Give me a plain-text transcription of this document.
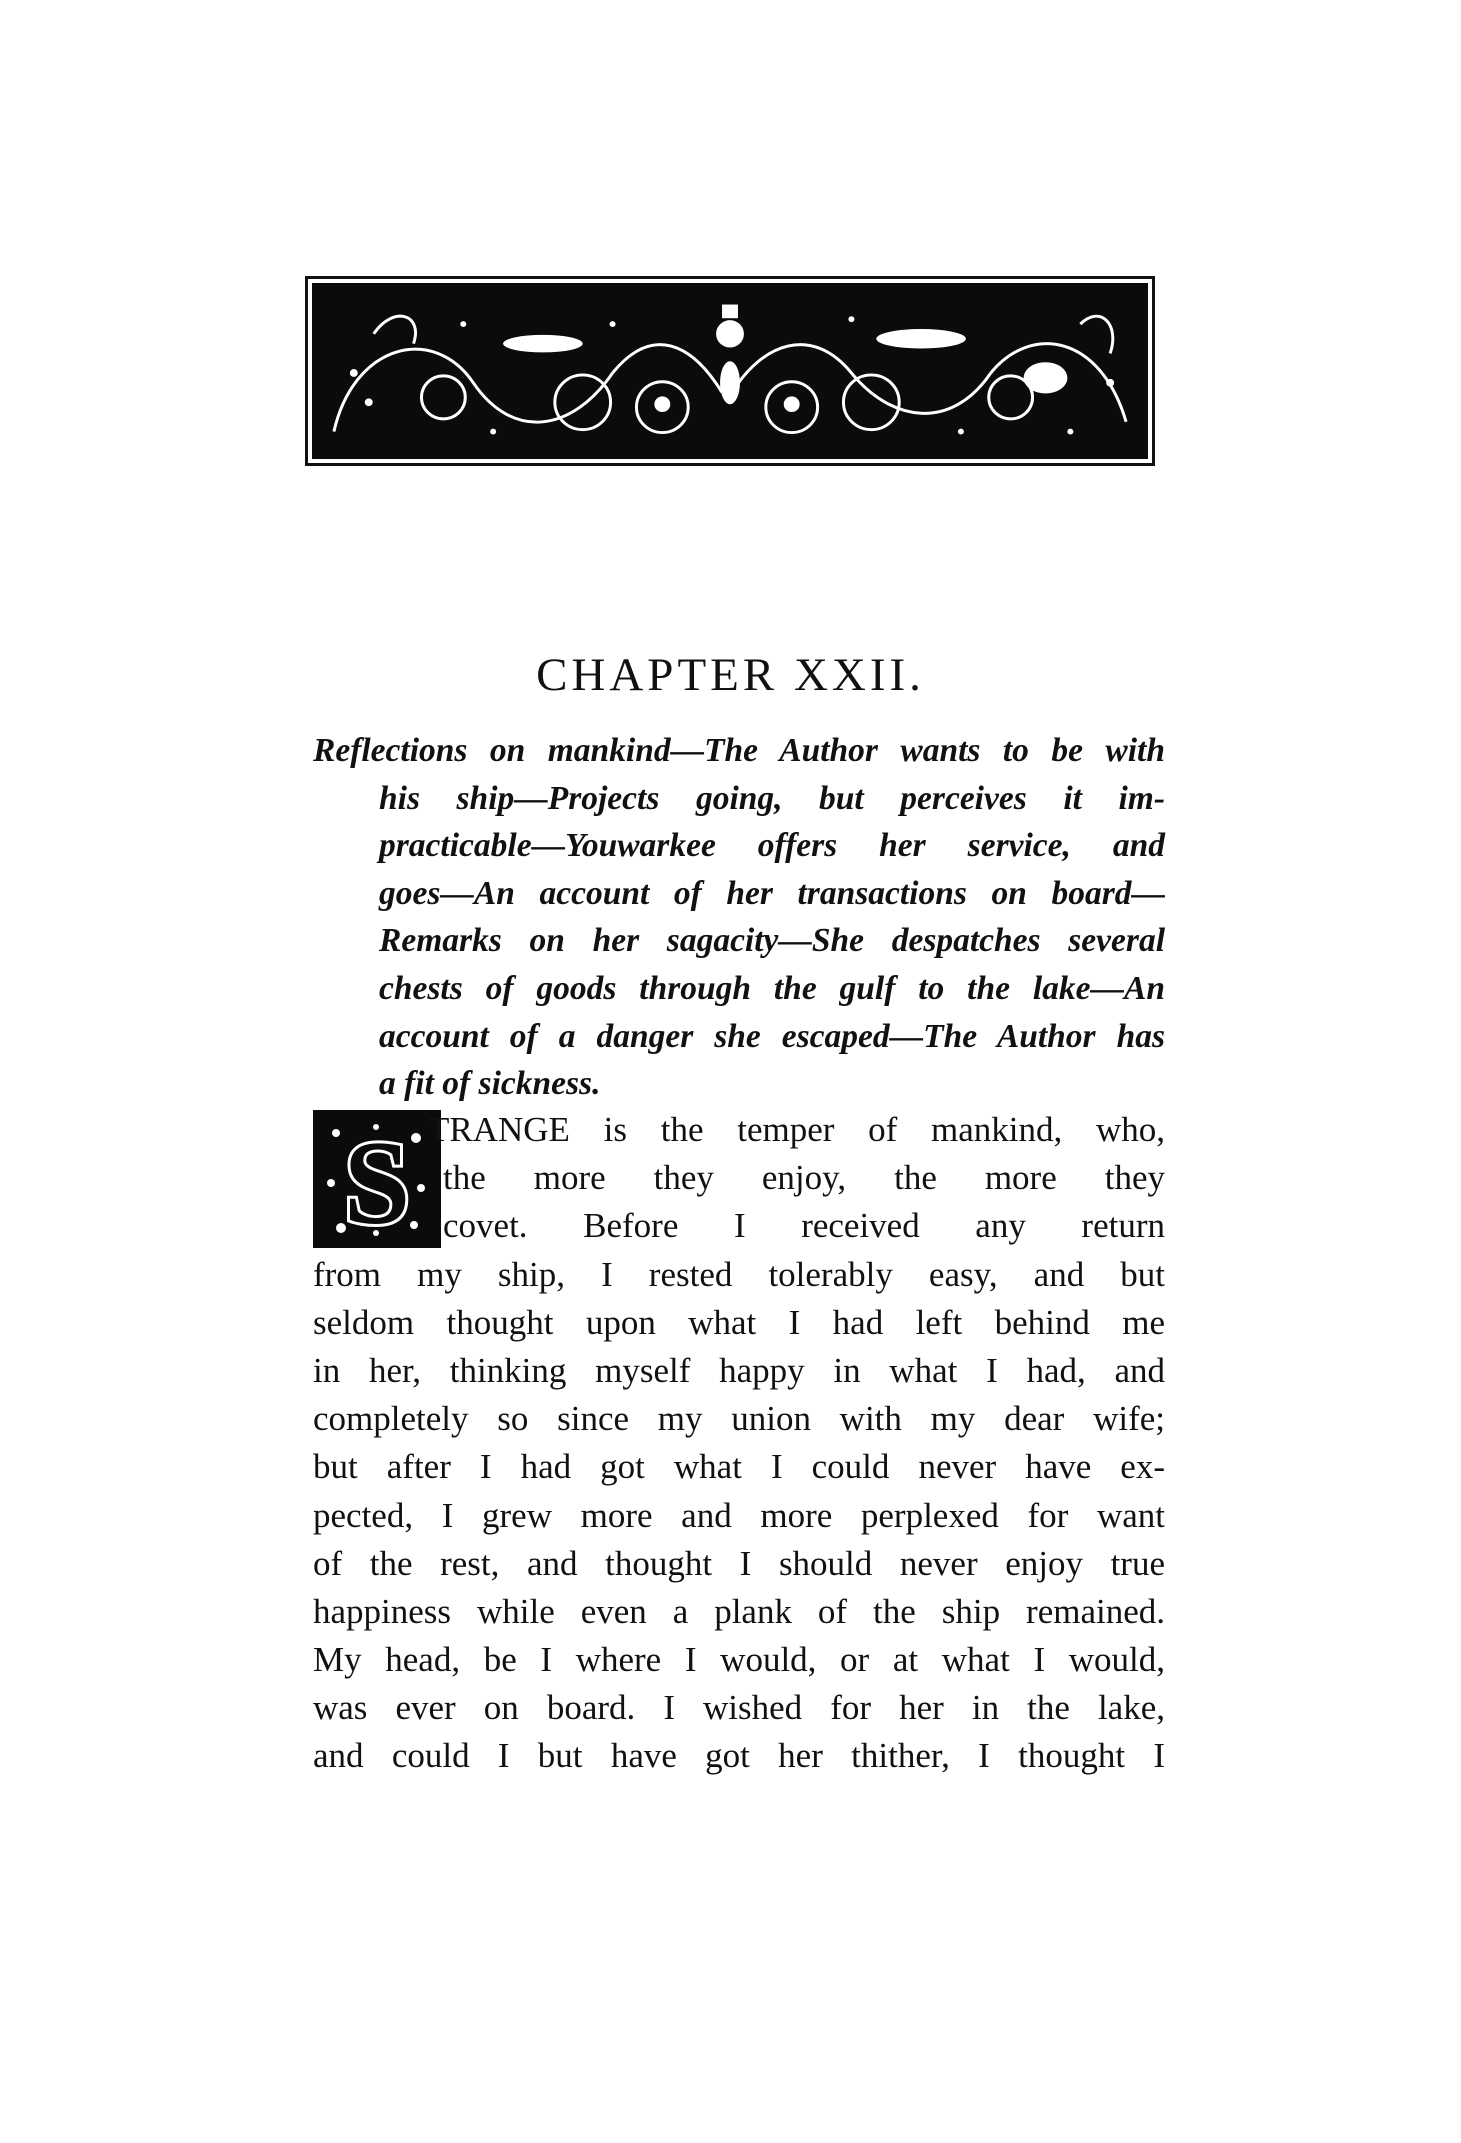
CHAPTER XXII.
Reflections on mankind—The Author wants to be with
his ship—Projects going, but perceives it im-
practicable—Youwarkee offers her service, and
goes—An account of her transactions on board—
Remarks on her sagacity—She despatches several
chests of goods through the gulf to the lake—An
account of a danger she escaped—The Author has
a fit of sickness.
S TRANGE is the temper of mankind, who,
the more they enjoy, the more they
covet. Before I received any return
from my ship, I rested tolerably easy, and but
seldom thought upon what I had left behind me
in her, thinking myself happy in what I had, and
completely so since my union with my dear wife;
but after I had got what I could never have ex-
pected, I grew more and more perplexed for want
of the rest, and thought I should never enjoy true
happiness while even a plank of the ship remained.
My head, be I where I would, or at what I would,
was ever on board. I wished for her in the lake,
and could I but have got her thither, I thought I
